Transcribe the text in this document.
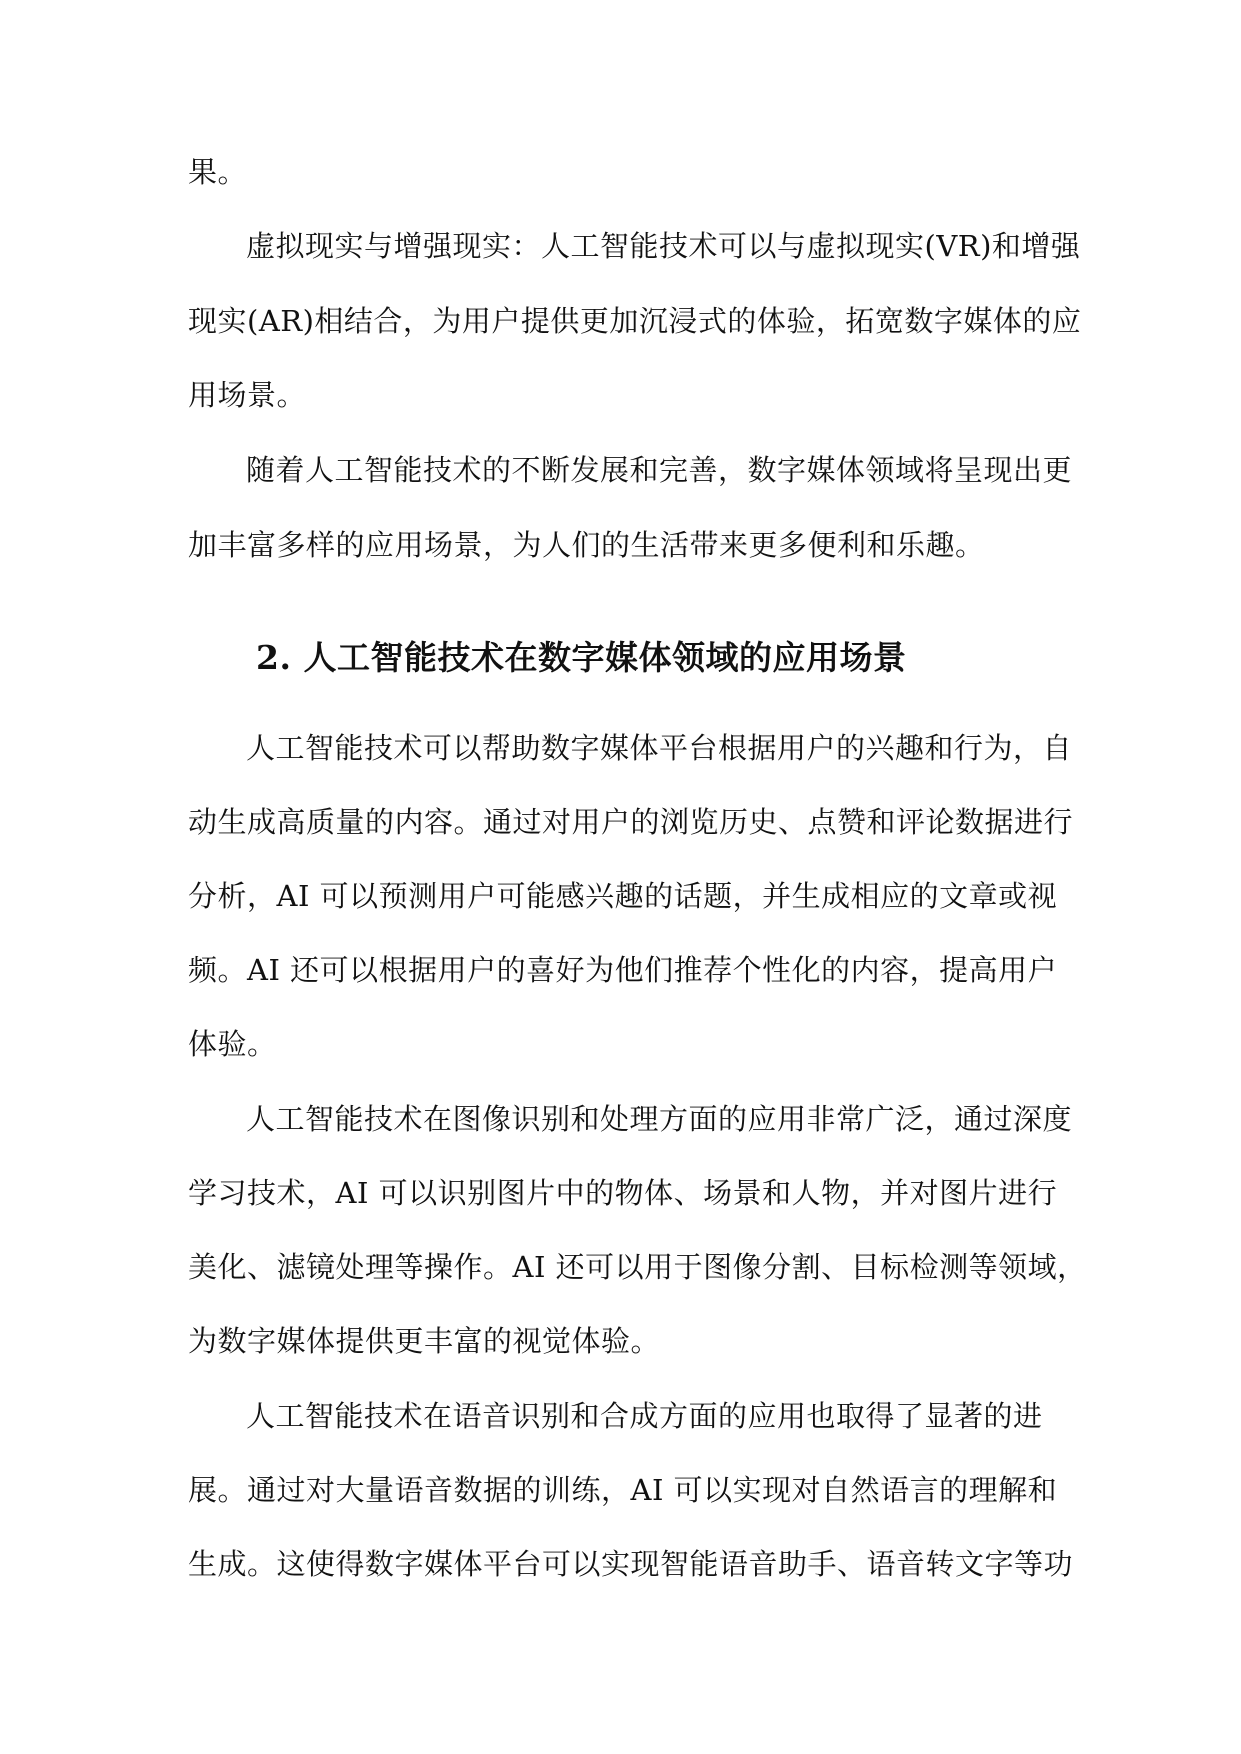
果。
虚拟现实与增强现实：人工智能技术可以与虚拟现实(VR)和增强
现实(AR)相结合，为用户提供更加沉浸式的体验，拓宽数字媒体的应
用场景。
随着人工智能技术的不断发展和完善，数字媒体领域将呈现出更
加丰富多样的应用场景，为人们的生活带来更多便利和乐趣。
2. 人工智能技术在数字媒体领域的应用场景
人工智能技术可以帮助数字媒体平台根据用户的兴趣和行为，自
动生成高质量的内容。通过对用户的浏览历史、点赞和评论数据进行
分析，AI 可以预测用户可能感兴趣的话题，并生成相应的文章或视
频。AI 还可以根据用户的喜好为他们推荐个性化的内容，提高用户
体验。
人工智能技术在图像识别和处理方面的应用非常广泛，通过深度
学习技术，AI 可以识别图片中的物体、场景和人物，并对图片进行
美化、滤镜处理等操作。AI 还可以用于图像分割、目标检测等领域，
为数字媒体提供更丰富的视觉体验。
人工智能技术在语音识别和合成方面的应用也取得了显著的进
展。通过对大量语音数据的训练，AI 可以实现对自然语言的理解和
生成。这使得数字媒体平台可以实现智能语音助手、语音转文字等功
